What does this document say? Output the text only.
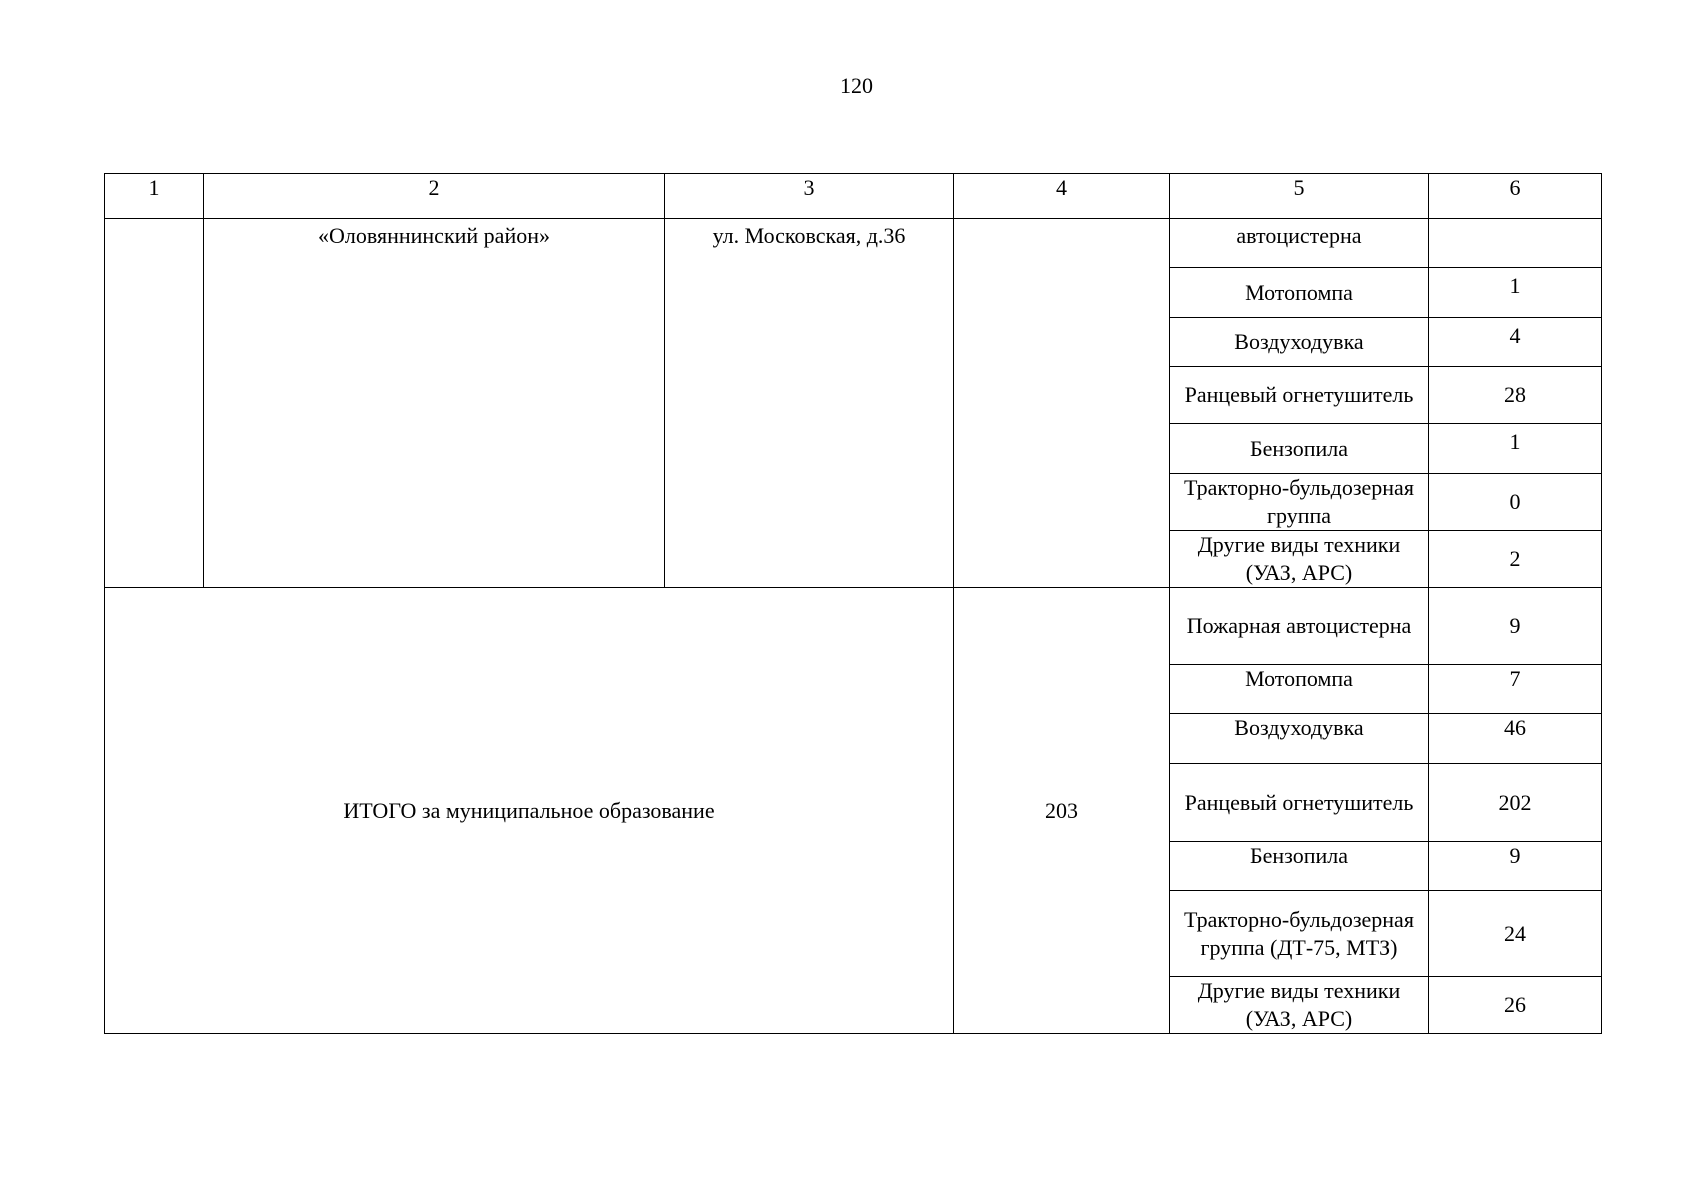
120
1	2	3	4	5	6
	«Оловяннинский район»	ул. Московская, д.36		автоцистерна	
				Мотопомпа	1
				Воздуходувка	4
				Ранцевый огнетушитель	28
				Бензопила	1
				Тракторно-бульдозерная группа	0
				Другие виды техники (УАЗ, АРС)	2
ИТОГО за муниципальное образование			203	Пожарная автоцистерна	9
				Мотопомпа	7
				Воздуходувка	46
				Ранцевый огнетушитель	202
				Бензопила	9
				Тракторно-бульдозерная группа (ДТ-75, МТЗ)	24
				Другие виды техники (УАЗ, АРС)	26
